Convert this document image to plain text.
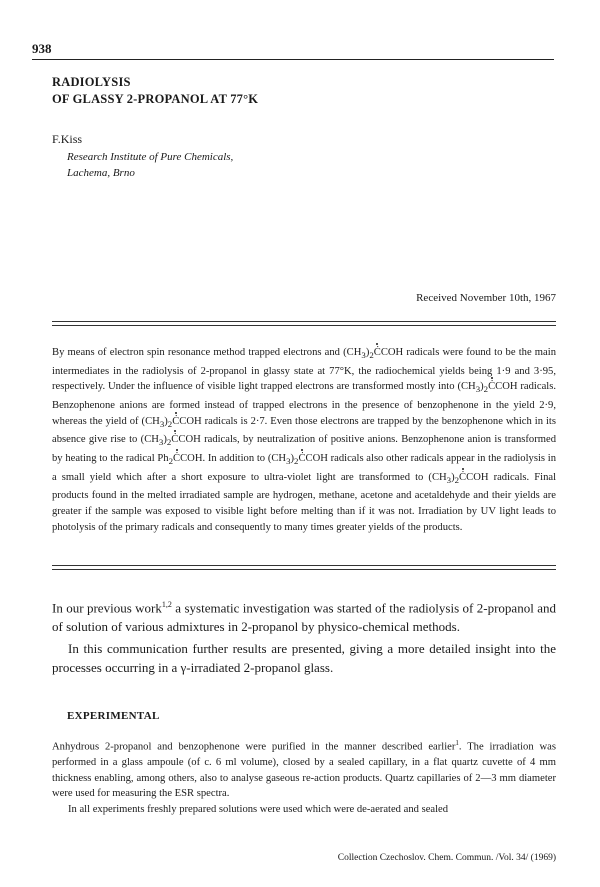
938
RADIOLYSIS
OF GLASSY 2-PROPANOL AT 77°K
F.Kiss
Research Institute of Pure Chemicals,
Lachema, Brno
Received November 10th, 1967

By means of electron spin resonance method trapped electrons and $(CH_3)_2ĊCOH$ radicals were found to be the main intermediates in the radiolysis of 2-propanol in glassy state at 77°K, the radiochemical yields being 1·9 and 3·95, respectively. Under the influence of visible light trapped electrons are transformed mostly into $(CH_3)_2ĊCOH$ radicals. Benzophenone anions are formed instead of trapped electrons in the presence of benzophenone in the yield 2·9, whereas the yield of $(CH_3)_2ĊCOH$ radicals is 2·7. Even those electrons are trapped by the benzophenone which in its absence give rise to $(CH_3)_2ĊCOH$ radicals, by neutralization of positive anions. Benzophenone anion is transformed by heating to the radical $Ph_2ĊCOH$. In addition to $(CH_3)_2ĊCOH$ radicals also other radicals appear in the radiolysis in a small yield which after a short exposure to ultra-violet light are transformed to $(CH_3)_2ĊCOH$ radicals. Final products found in the melted irradiated sample are hydrogen, methane, acetone and acetaldehyde and their yields are greater if the sample was exposed to visible light before melting than if it was not. Irradiation by UV light leads to photolysis of the primary radicals and consequently to many times greater yields of the products.

In our previous work$^{1,2}$ a systematic investigation was started of the radiolysis of 2-propanol and of solution of various admixtures in 2-propanol by physico-chemical methods.

In this communication further results are presented, giving a more detailed insight into the processes occurring in a γ-irradiated 2-propanol glass.

EXPERIMENTAL

Anhydrous 2-propanol and benzophenone were purified in the manner described earlier$^1$. The irradiation was performed in a glass ampoule (of c. 6 ml volume), closed by a sealed capillary, in a flat quartz cuvette of 4 mm thickness enabling, among others, also to analyse gaseous re-action products. Quartz capillaries of 2—3 mm diameter were used for measuring the ESR spectra.

In all experiments freshly prepared solutions were used which were de-aerated and sealed

Collection Czechoslov. Chem. Commun. /Vol. 34/ (1969)
